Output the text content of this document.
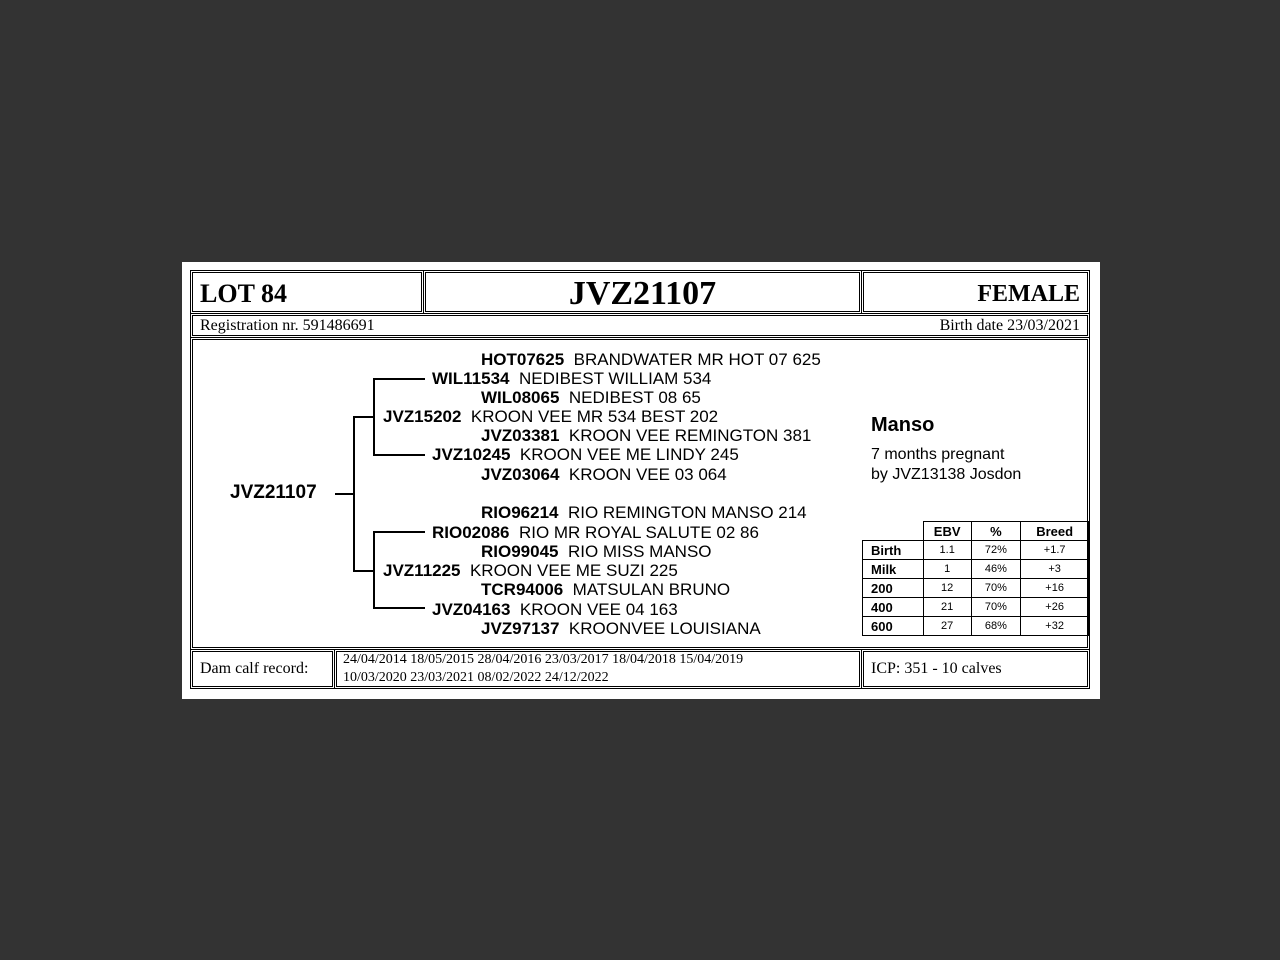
LOT 84	JVZ21107	FEMALE
Registration nr. 591486691	Birth date 23/03/2021
JVZ21107
HOT07625 BRANDWATER MR HOT 07 625
WIL11534 NEDIBEST WILLIAM 534
WIL08065 NEDIBEST 08 65
JVZ15202 KROON VEE MR 534 BEST 202
JVZ03381 KROON VEE REMINGTON 381
JVZ10245 KROON VEE ME LINDY 245
JVZ03064 KROON VEE 03 064
RIO96214 RIO REMINGTON MANSO 214
RIO02086 RIO MR ROYAL SALUTE 02 86
RIO99045 RIO MISS MANSO
JVZ11225 KROON VEE ME SUZI 225
TCR94006 MATSULAN BRUNO
JVZ04163 KROON VEE 04 163
JVZ97137 KROONVEE LOUISIANA
Manso
7 months pregnant
by JVZ13138 Josdon
	EBV	%	Breed
Birth	1.1	72%	+1.7
Milk	1	46%	+3
200	12	70%	+16
400	21	70%	+26
600	27	68%	+32
Dam calf record:
24/04/2014 18/05/2015 28/04/2016 23/03/2017 18/04/2018 15/04/2019
10/03/2020 23/03/2021 08/02/2022 24/12/2022
ICP: 351 - 10 calves
